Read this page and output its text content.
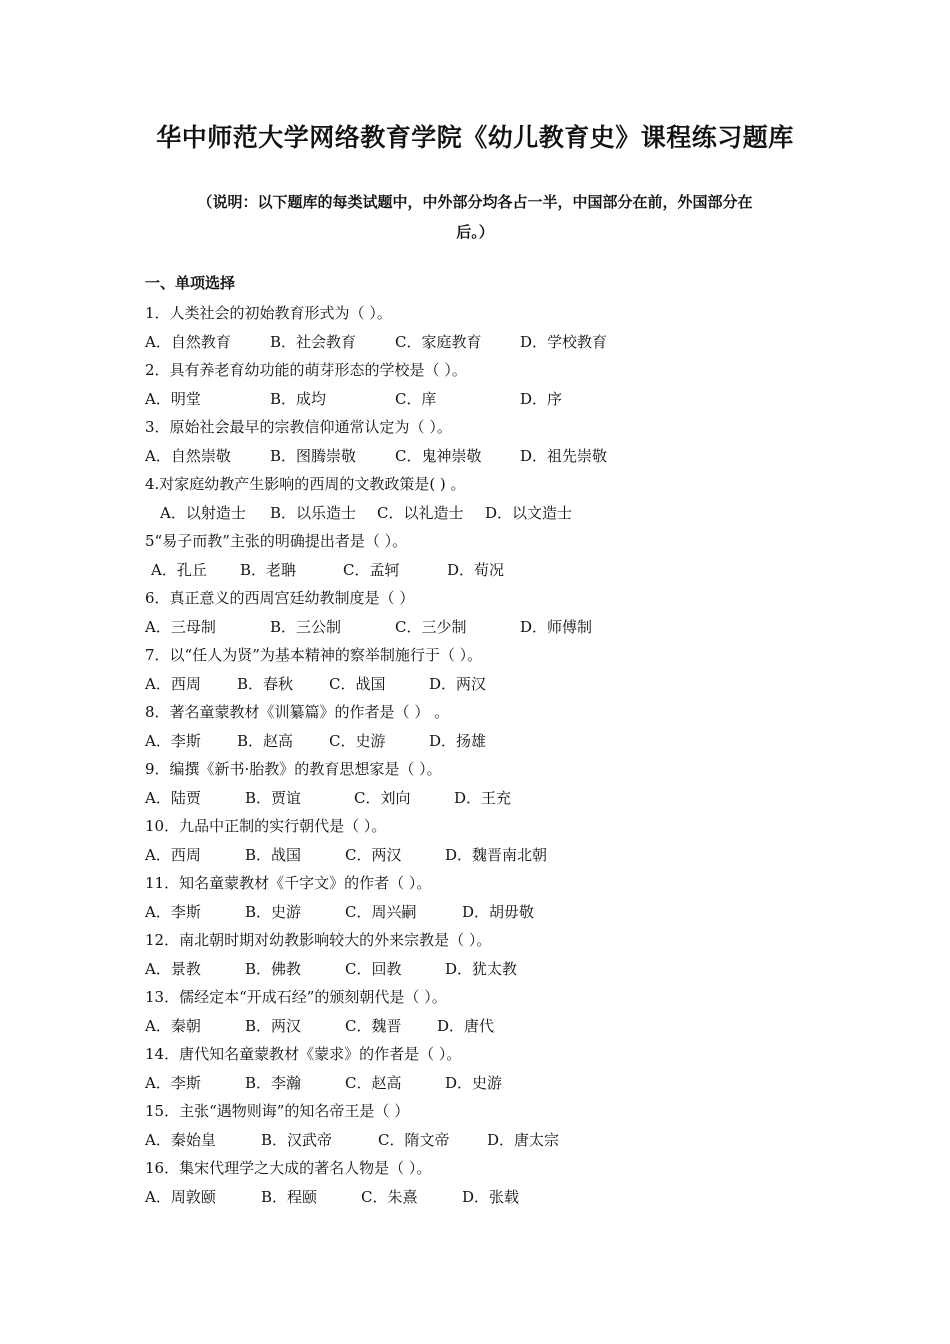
华中师范大学网络教育学院《幼儿教育史》课程练习题库
（说明：以下题库的每类试题中，中外部分均各占一半，中国部分在前，外国部分在
后。）
一、单项选择
1．人类社会的初始教育形式为（ ）。
A．自然教育	B．社会教育	C．家庭教育	D．学校教育
2．具有养老育幼功能的萌芽形态的学校是（ ）。
A．明堂	B．成均	C．庠	D．序
3．原始社会最早的宗教信仰通常认定为（ ）。
A．自然崇敬	B．图腾崇敬	C．鬼神崇敬	D．祖先崇敬
4.对家庭幼教产生影响的西周的文教政策是( ) 。
A．以射造士 B．以乐造士 C．以礼造士 D．以文造士
5“易子而教”主张的明确提出者是（ ）。
A．孔丘 B．老聃	C．孟轲	D．荀况
6．真正意义的西周宫廷幼教制度是（ ）
A．三母制	B．三公制	C．三少制	D．师傅制
7．以“任人为贤”为基本精神的察举制施行于（ ）。
A．西周 B．春秋 C．战国	D．两汉
8．著名童蒙教材《训纂篇》的作者是（ ） 。
A．李斯 B．赵高 C．史游	D．扬雄
9．编撰《新书·胎教》的教育思想家是（ ）。
A．陆贾	B．贾谊	C．刘向	D．王充
10．九品中正制的实行朝代是（ ）。
A．西周	B．战国	C．两汉	D．魏晋南北朝
11．知名童蒙教材《千字文》的作者（ ）。
A．李斯	B．史游	C．周兴嗣	D．胡毋敬
12．南北朝时期对幼教影响较大的外来宗教是（ ）。
A．景教	B．佛教	C．回教	D．犹太教
13．儒经定本“开成石经”的颁刻朝代是（ ）。
A．秦朝	B．两汉	C．魏晋 D．唐代
14．唐代知名童蒙教材《蒙求》的作者是（ ）。
A．李斯	B．李瀚	C．赵高	D．史游
15．主张“遇物则诲”的知名帝王是（ ）
A．秦始皇	B．汉武帝	C．隋文帝	D．唐太宗
16．集宋代理学之大成的著名人物是（ ）。
A．周敦颐	B．程颐	C．朱熹	D．张载
